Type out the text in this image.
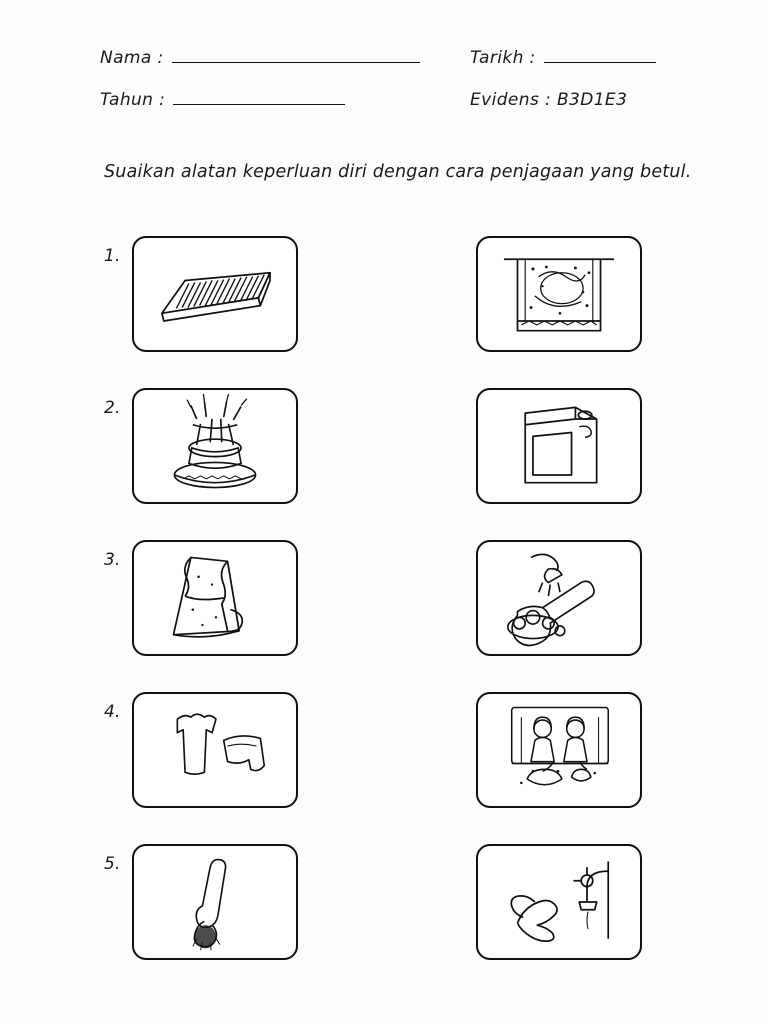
Nama :	Tarikh :
Tahun :	Evidens : B3D1E3
Suaikan alatan keperluan diri dengan cara penjagaan yang betul.
1.
2.
3.
4.
5.
